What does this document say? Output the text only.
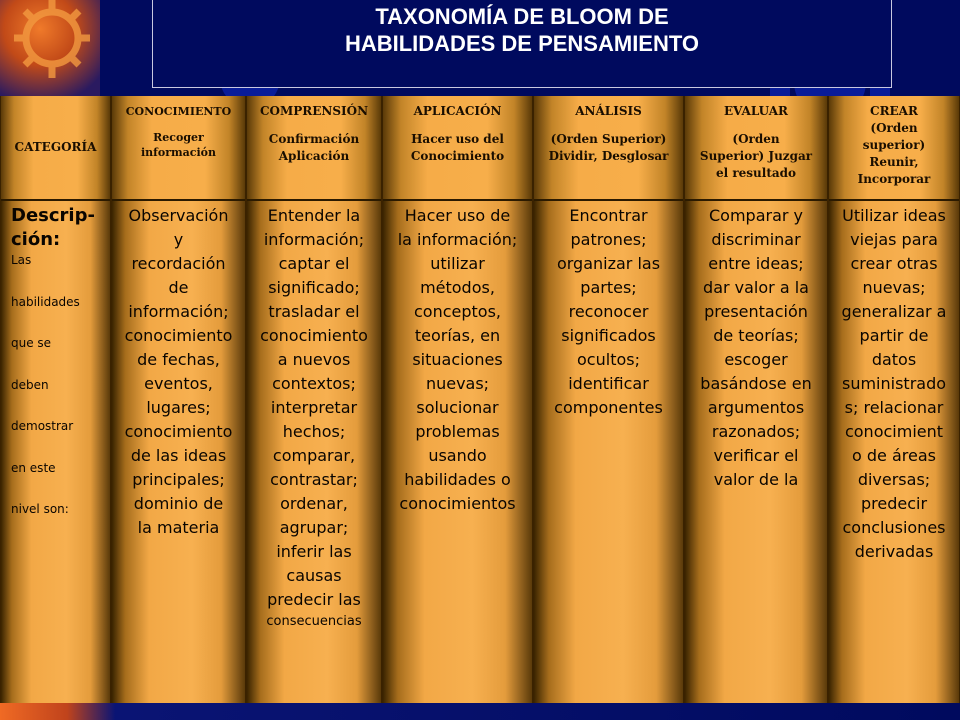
TAXONOMÍA DE BLOOM DE
HABILIDADES DE PENSAMIENTO
CATEGORÍA
Descrip-
ción:
Las
habilidades
que se
deben
demostrar
en este
nivel son:
CONOCIMIENTO
Recoger
información
Observación
y
recordación
de
información;
conocimiento
de fechas,
eventos,
lugares;
conocimiento
de las ideas
principales;
dominio de
la materia
COMPRENSIÓN
Confirmación
Aplicación
Entender la
información;
captar el
significado;
trasladar el
conocimiento
a nuevos
contextos;
interpretar
hechos;
comparar,
contrastar;
ordenar,
agrupar;
inferir las
causas
predecir las
consecuencias
APLICACIÓN
Hacer uso del
Conocimiento
Hacer uso de
la información;
utilizar
métodos,
conceptos,
teorías, en
situaciones
nuevas;
solucionar
problemas
usando
habilidades o
conocimientos
ANÁLISIS
(Orden Superior)
Dividir, Desglosar
Encontrar
patrones;
organizar las
partes;
reconocer
significados
ocultos;
identificar
componentes
EVALUAR
(Orden
Superior) Juzgar
el resultado
Comparar y
discriminar
entre ideas;
dar valor a la
presentación
de teorías;
escoger
basándose en
argumentos
razonados;
verificar el
valor de la
CREAR
(Orden
superior)
Reunir,
Incorporar
Utilizar ideas
viejas para
crear otras
nuevas;
generalizar a
partir de
datos
suministrado
s; relacionar
conocimient
o de áreas
diversas;
predecir
conclusiones
derivadas
